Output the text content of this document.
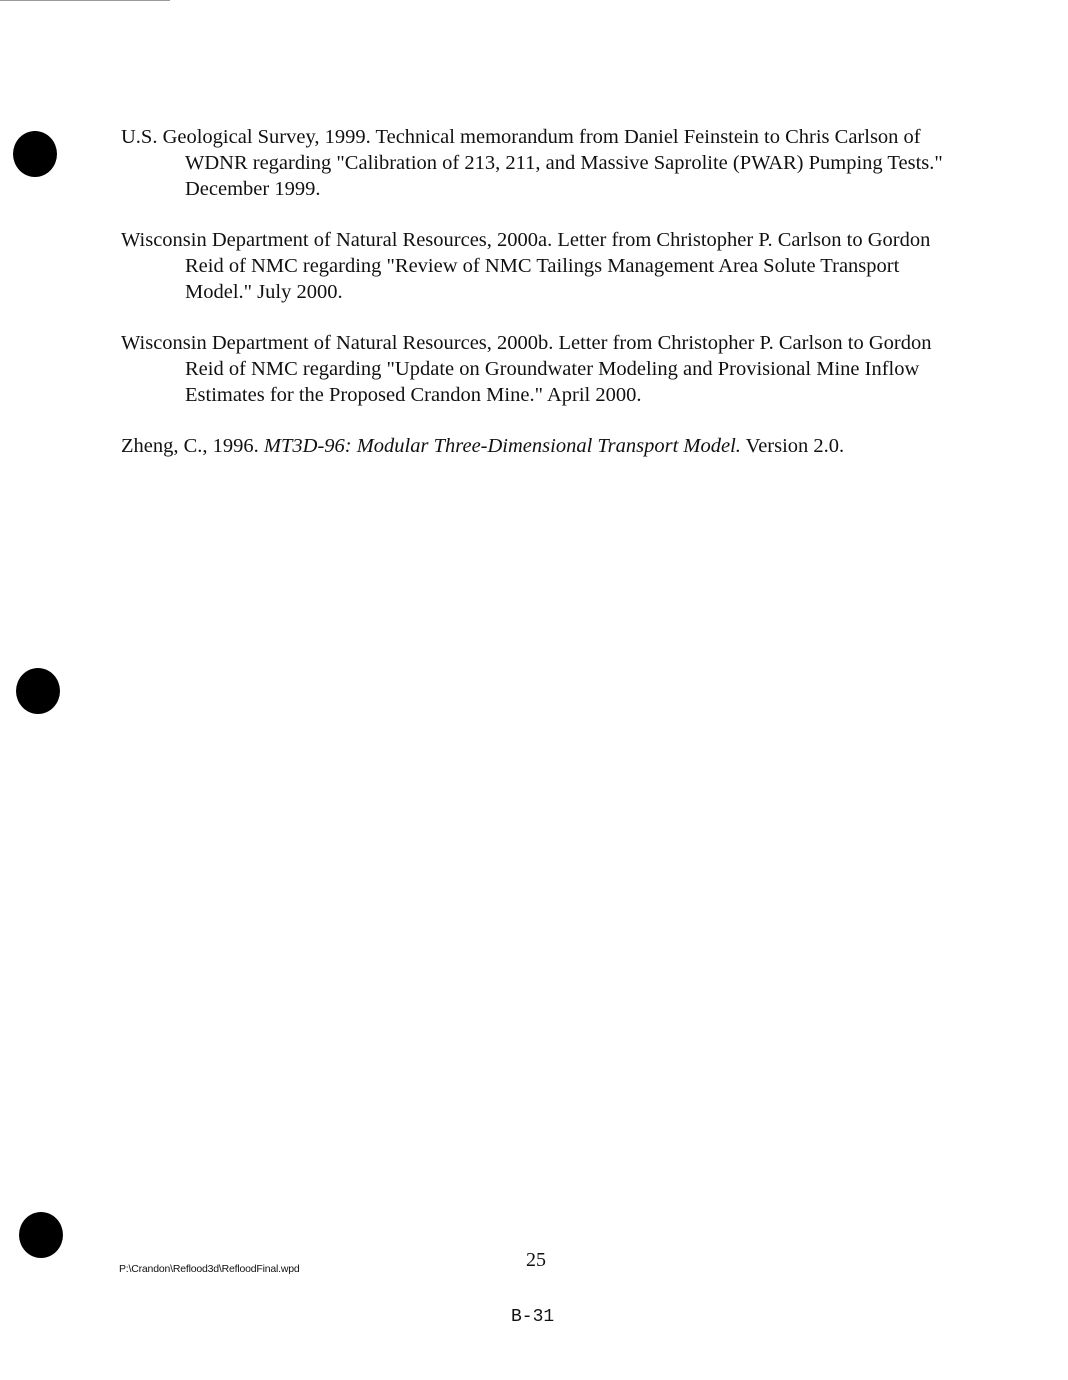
U.S. Geological Survey, 1999. Technical memorandum from Daniel Feinstein to Chris Carlson of WDNR regarding "Calibration of 213, 211, and Massive Saprolite (PWAR) Pumping Tests." December 1999.

Wisconsin Department of Natural Resources, 2000a. Letter from Christopher P. Carlson to Gordon Reid of NMC regarding "Review of NMC Tailings Management Area Solute Transport Model." July 2000.

Wisconsin Department of Natural Resources, 2000b. Letter from Christopher P. Carlson to Gordon Reid of NMC regarding "Update on Groundwater Modeling and Provisional Mine Inflow Estimates for the Proposed Crandon Mine." April 2000.

Zheng, C., 1996. MT3D-96: Modular Three-Dimensional Transport Model. Version 2.0.

P:\Crandon\Reflood3d\RefloodFinal.wpd	25
B-31
